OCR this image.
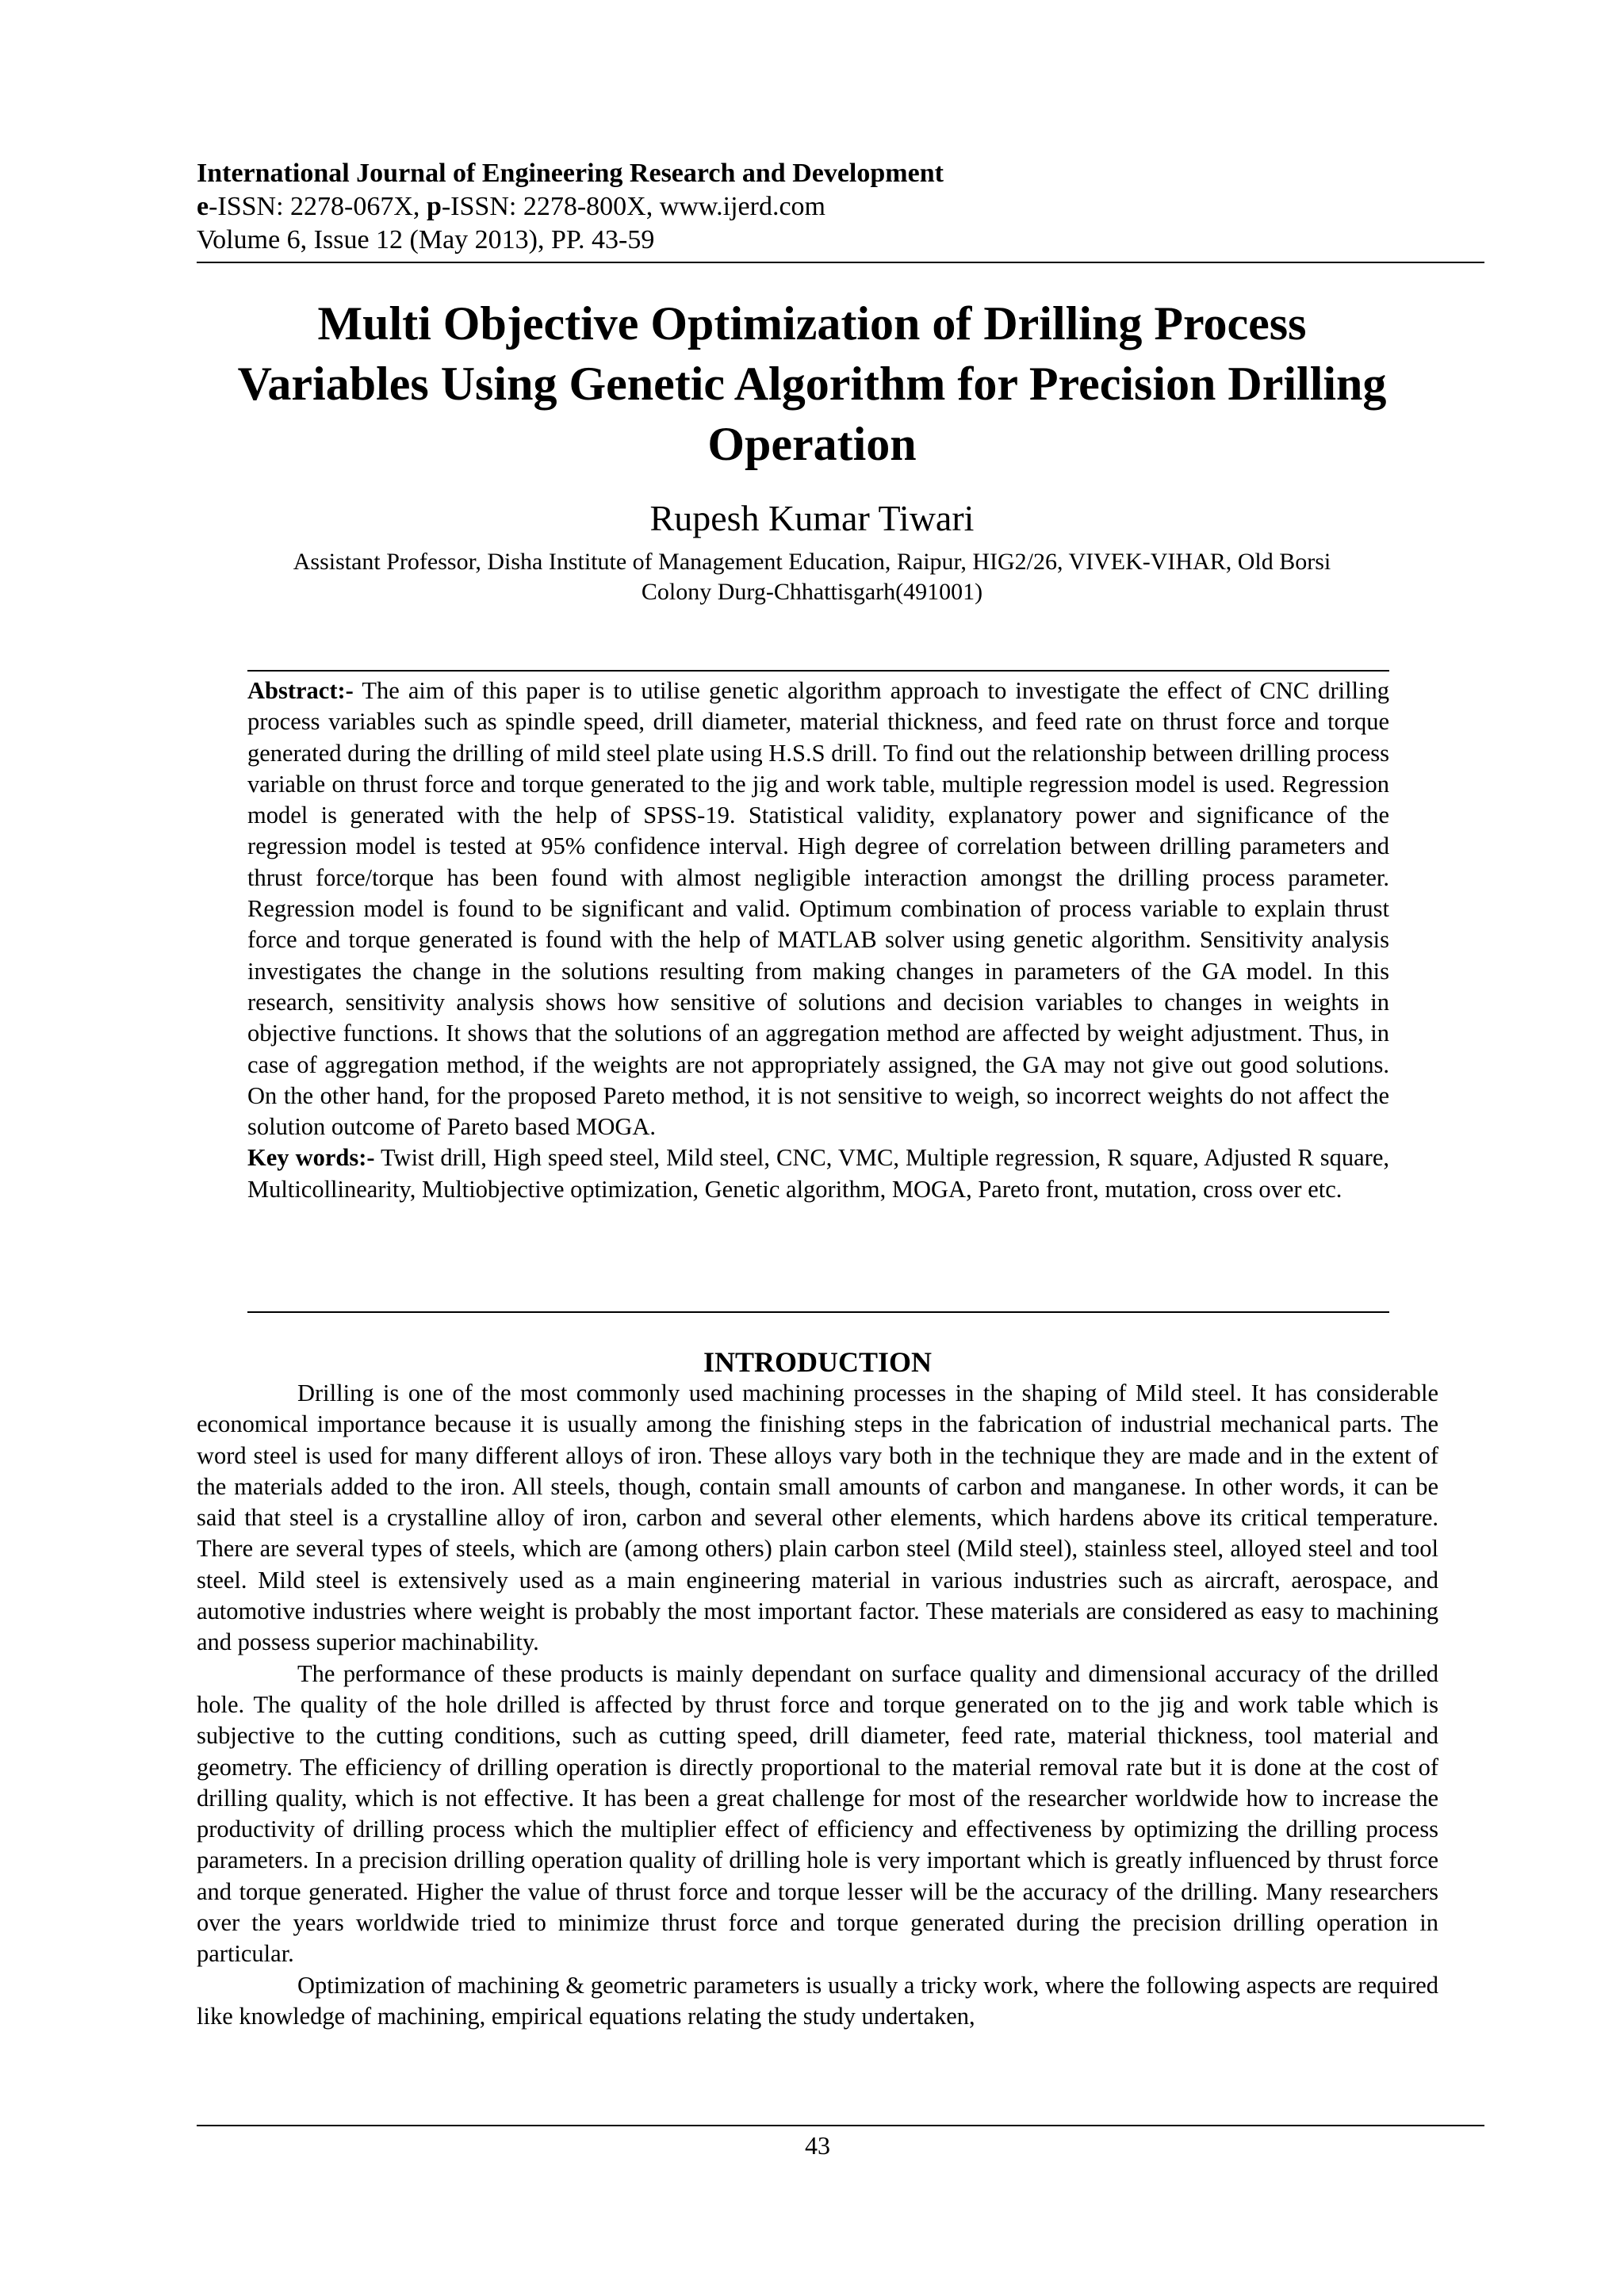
International Journal of Engineering Research and Development
e-ISSN: 2278-067X, p-ISSN: 2278-800X, www.ijerd.com
Volume 6, Issue 12 (May 2013), PP. 43-59
Multi Objective Optimization of Drilling Process
Variables Using Genetic Algorithm for Precision Drilling
Operation
Rupesh Kumar Tiwari
Assistant Professor, Disha Institute of Management Education, Raipur, HIG2/26, VIVEK-VIHAR, Old Borsi
Colony Durg-Chhattisgarh(491001)

Abstract:- The aim of this paper is to utilise genetic algorithm approach to investigate the effect of CNC drilling process variables such as spindle speed, drill diameter, material thickness, and feed rate on thrust force and torque generated during the drilling of mild steel plate using H.S.S drill. To find out the relationship between drilling process variable on thrust force and torque generated to the jig and work table, multiple regression model is used. Regression model is generated with the help of SPSS-19. Statistical validity, explanatory power and significance of the regression model is tested at 95% confidence interval. High degree of correlation between drilling parameters and thrust force/torque has been found with almost negligible interaction amongst the drilling process parameter. Regression model is found to be significant and valid. Optimum combination of process variable to explain thrust force and torque generated is found with the help of MATLAB solver using genetic algorithm. Sensitivity analysis investigates the change in the solutions resulting from making changes in parameters of the GA model. In this research, sensitivity analysis shows how sensitive of solutions and decision variables to changes in weights in objective functions. It shows that the solutions of an aggregation method are affected by weight adjustment. Thus, in case of aggregation method, if the weights are not appropriately assigned, the GA may not give out good solutions. On the other hand, for the proposed Pareto method, it is not sensitive to weigh, so incorrect weights do not affect the solution outcome of Pareto based MOGA.

Key words:- Twist drill, High speed steel, Mild steel, CNC, VMC, Multiple regression, R square, Adjusted R square, Multicollinearity, Multiobjective optimization, Genetic algorithm, MOGA, Pareto front, mutation, cross over etc.

INTRODUCTION

Drilling is one of the most commonly used machining processes in the shaping of Mild steel. It has considerable economical importance because it is usually among the finishing steps in the fabrication of industrial mechanical parts. The word steel is used for many different alloys of iron. These alloys vary both in the technique they are made and in the extent of the materials added to the iron. All steels, though, contain small amounts of carbon and manganese. In other words, it can be said that steel is a crystalline alloy of iron, carbon and several other elements, which hardens above its critical temperature. There are several types of steels, which are (among others) plain carbon steel (Mild steel), stainless steel, alloyed steel and tool steel. Mild steel is extensively used as a main engineering material in various industries such as aircraft, aerospace, and automotive industries where weight is probably the most important factor. These materials are considered as easy to machining and possess superior machinability.

The performance of these products is mainly dependant on surface quality and dimensional accuracy of the drilled hole. The quality of the hole drilled is affected by thrust force and torque generated on to the jig and work table which is subjective to the cutting conditions, such as cutting speed, drill diameter, feed rate, material thickness, tool material and geometry. The efficiency of drilling operation is directly proportional to the material removal rate but it is done at the cost of drilling quality, which is not effective. It has been a great challenge for most of the researcher worldwide how to increase the productivity of drilling process which the multiplier effect of efficiency and effectiveness by optimizing the drilling process parameters. In a precision drilling operation quality of drilling hole is very important which is greatly influenced by thrust force and torque generated. Higher the value of thrust force and torque lesser will be the accuracy of the drilling. Many researchers over the years worldwide tried to minimize thrust force and torque generated during the precision drilling operation in particular.

Optimization of machining & geometric parameters is usually a tricky work, where the following aspects are required like knowledge of machining, empirical equations relating the study undertaken,

43
